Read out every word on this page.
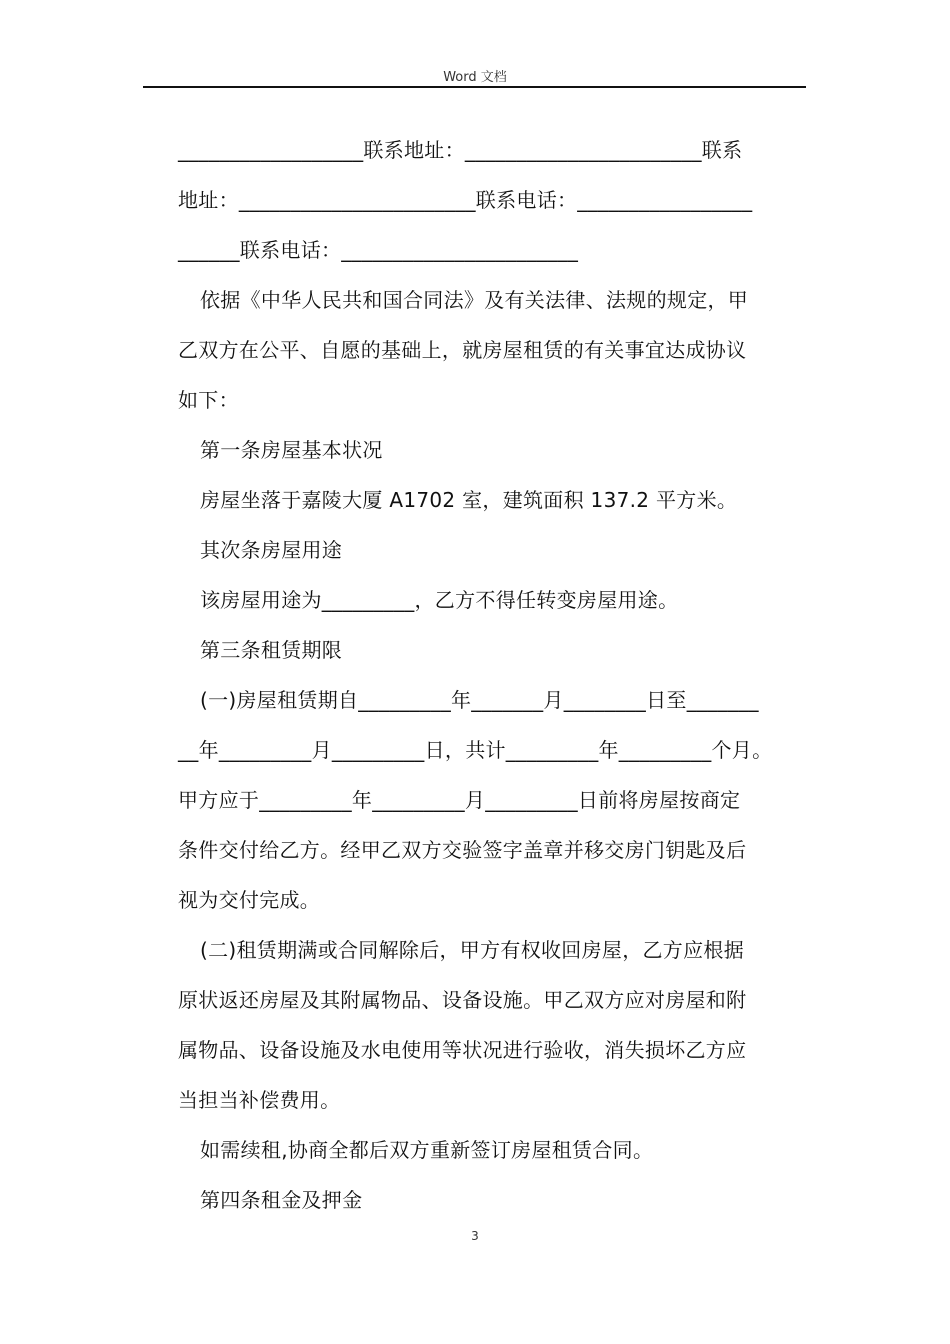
Word 文档
__________________联系地址：_______________________联系
地址：_______________________联系电话：_________________
______联系电话：_______________________
依据《中华人民共和国合同法》及有关法律、法规的规定，甲
乙双方在公平、自愿的基础上，就房屋租赁的有关事宜达成协议
如下：
第一条房屋基本状况
房屋坐落于嘉陵大厦 A1702 室，建筑面积 137.2 平方米。
其次条房屋用途
该房屋用途为_________，乙方不得任转变房屋用途。
第三条租赁期限
(一)房屋租赁期自_________年_______月________日至_______
__年_________月_________日，共计_________年_________个月。
甲方应于_________年_________月_________日前将房屋按商定
条件交付给乙方。经甲乙双方交验签字盖章并移交房门钥匙及后
视为交付完成。
(二)租赁期满或合同解除后，甲方有权收回房屋，乙方应根据
原状返还房屋及其附属物品、设备设施。甲乙双方应对房屋和附
属物品、设备设施及水电使用等状况进行验收，消失损坏乙方应
当担当补偿费用。
如需续租,协商全都后双方重新签订房屋租赁合同。
第四条租金及押金
3
